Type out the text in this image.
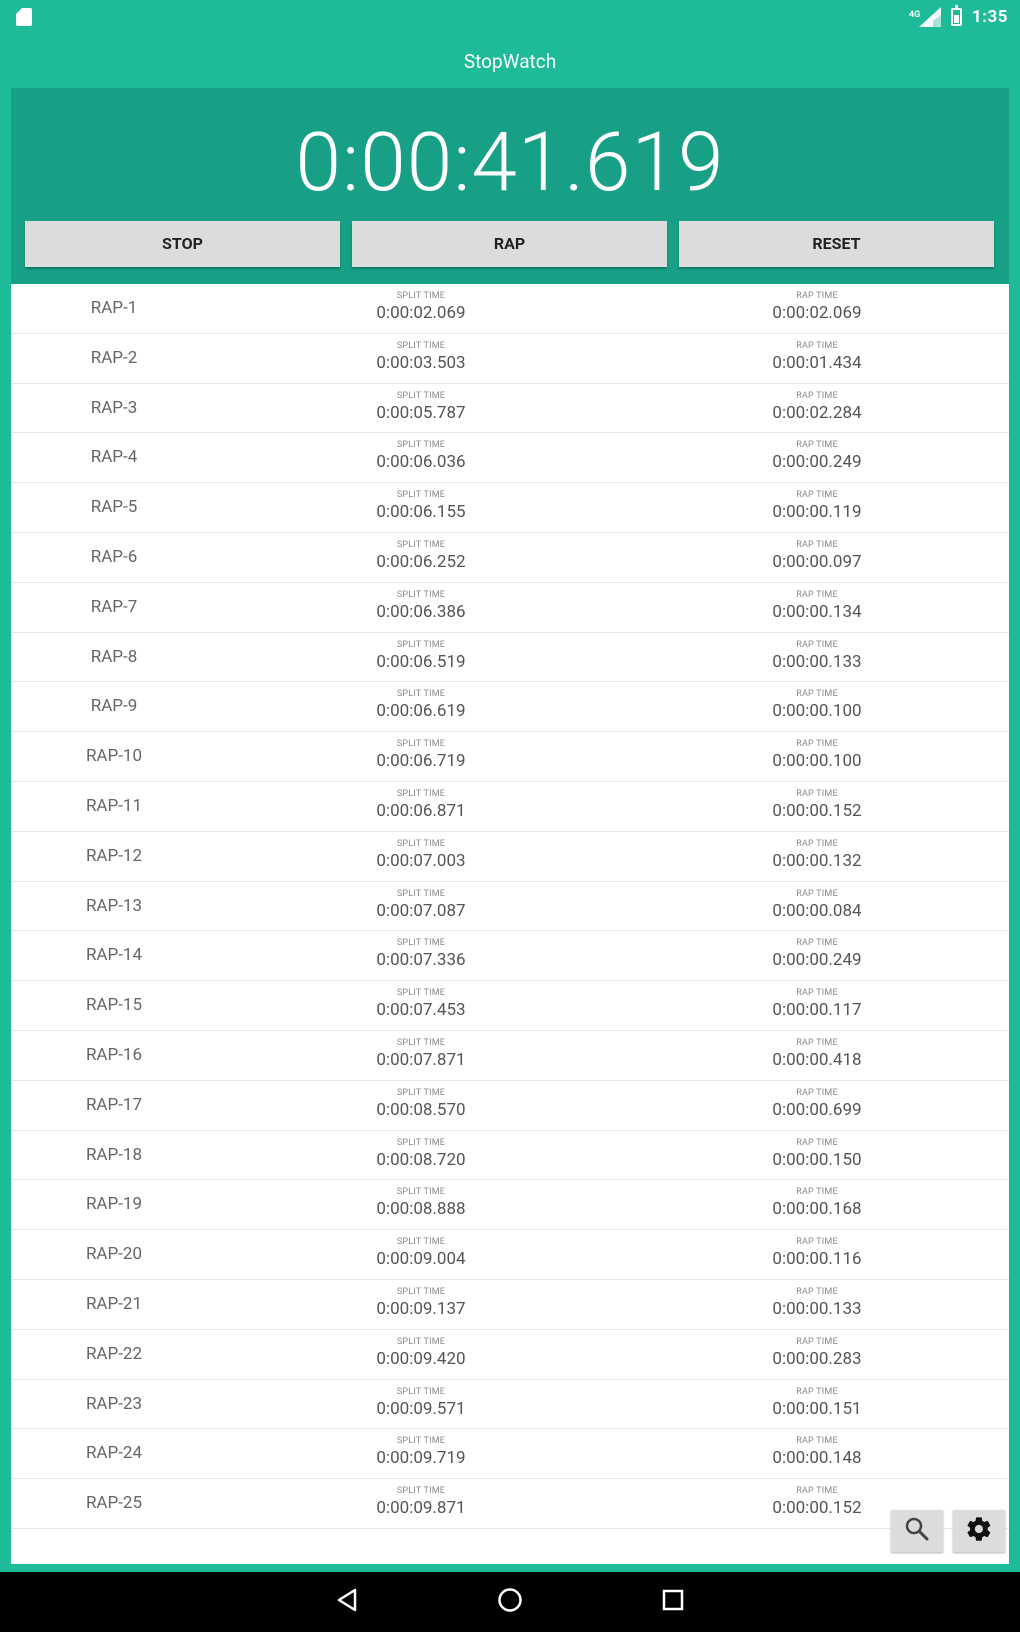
4G	1:35
StopWatch
0:00:41.619
STOP	RAP	RESET
RAP-1
SPLIT TIME
0:00:02.069
RAP TIME
0:00:02.069
RAP-2
SPLIT TIME
0:00:03.503
RAP TIME
0:00:01.434
RAP-3
SPLIT TIME
0:00:05.787
RAP TIME
0:00:02.284
RAP-4
SPLIT TIME
0:00:06.036
RAP TIME
0:00:00.249
RAP-5
SPLIT TIME
0:00:06.155
RAP TIME
0:00:00.119
RAP-6
SPLIT TIME
0:00:06.252
RAP TIME
0:00:00.097
RAP-7
SPLIT TIME
0:00:06.386
RAP TIME
0:00:00.134
RAP-8
SPLIT TIME
0:00:06.519
RAP TIME
0:00:00.133
RAP-9
SPLIT TIME
0:00:06.619
RAP TIME
0:00:00.100
RAP-10
SPLIT TIME
0:00:06.719
RAP TIME
0:00:00.100
RAP-11
SPLIT TIME
0:00:06.871
RAP TIME
0:00:00.152
RAP-12
SPLIT TIME
0:00:07.003
RAP TIME
0:00:00.132
RAP-13
SPLIT TIME
0:00:07.087
RAP TIME
0:00:00.084
RAP-14
SPLIT TIME
0:00:07.336
RAP TIME
0:00:00.249
RAP-15
SPLIT TIME
0:00:07.453
RAP TIME
0:00:00.117
RAP-16
SPLIT TIME
0:00:07.871
RAP TIME
0:00:00.418
RAP-17
SPLIT TIME
0:00:08.570
RAP TIME
0:00:00.699
RAP-18
SPLIT TIME
0:00:08.720
RAP TIME
0:00:00.150
RAP-19
SPLIT TIME
0:00:08.888
RAP TIME
0:00:00.168
RAP-20
SPLIT TIME
0:00:09.004
RAP TIME
0:00:00.116
RAP-21
SPLIT TIME
0:00:09.137
RAP TIME
0:00:00.133
RAP-22
SPLIT TIME
0:00:09.420
RAP TIME
0:00:00.283
RAP-23
SPLIT TIME
0:00:09.571
RAP TIME
0:00:00.151
RAP-24
SPLIT TIME
0:00:09.719
RAP TIME
0:00:00.148
RAP-25
SPLIT TIME
0:00:09.871
RAP TIME
0:00:00.152
